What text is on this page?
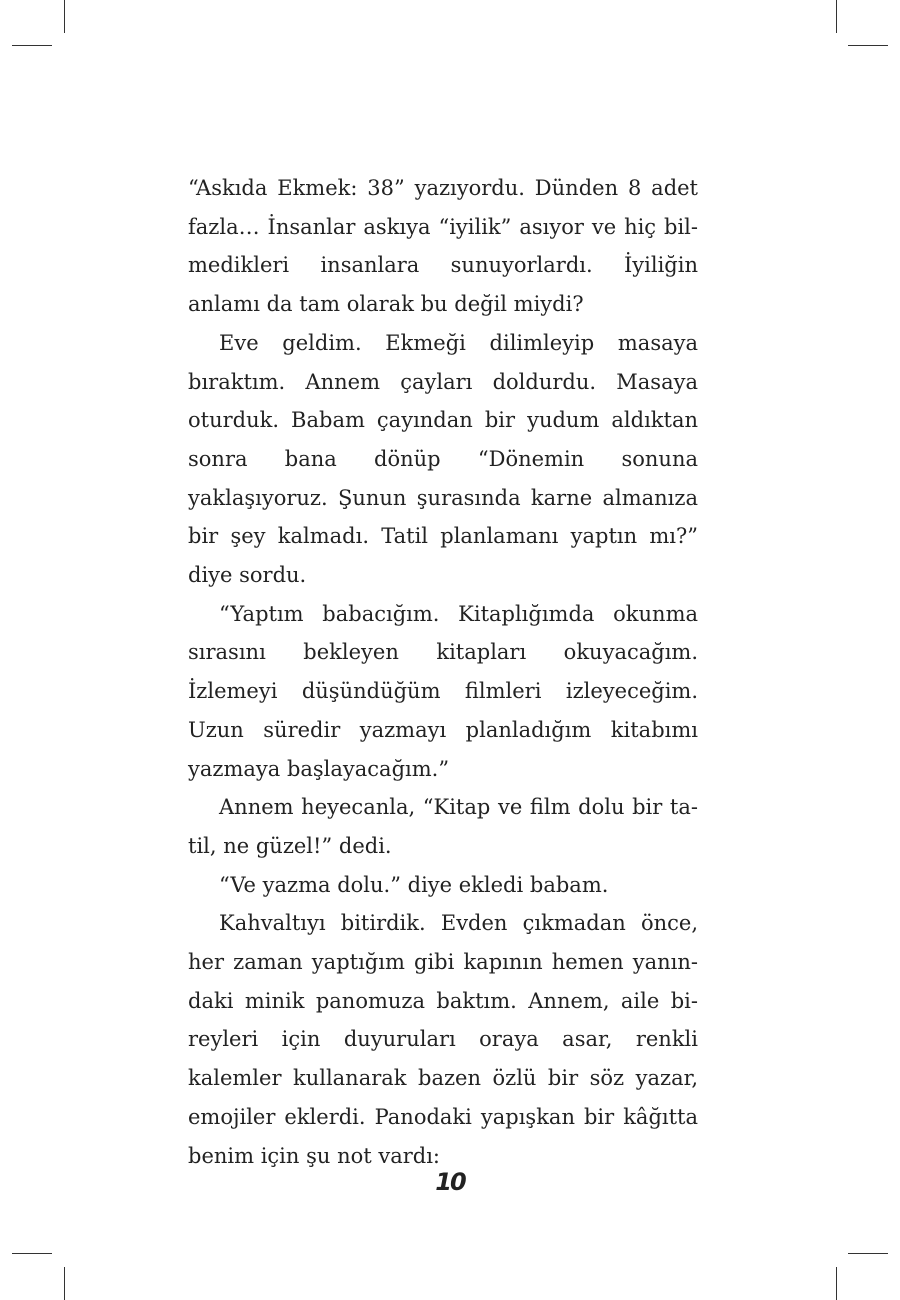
“Askıda Ekmek: 38” yazıyordu. Dünden 8 adet fazla… İnsanlar askıya “iyilik” asıyor ve hiç bilmedikleri insanlara sunuyorlardı. İyiliğin anlamı da tam olarak bu değil miydi?

Eve geldim. Ekmeği dilimleyip masaya bıraktım. Annem çayları doldurdu. Masaya oturduk. Babam çayından bir yudum aldıktan sonra bana dönüp “Dönemin sonuna yaklaşıyoruz. Şunun şurasında karne almanıza bir şey kalmadı. Tatil planlamanı yaptın mı?” diye sordu.

“Yaptım babacığım. Kitaplığımda okunma sırasını bekleyen kitapları okuyacağım. İzlemeyi düşündüğüm filmleri izleyeceğim. Uzun süredir yazmayı planladığım kitabımı yazmaya başlayacağım.”

Annem heyecanla, “Kitap ve film dolu bir tatil, ne güzel!” dedi.

“Ve yazma dolu.” diye ekledi babam.

Kahvaltıyı bitirdik. Evden çıkmadan önce, her zaman yaptığım gibi kapının hemen yanındaki minik panomuza baktım. Annem, aile bireyleri için duyuruları oraya asar, renkli kalemler kullanarak bazen özlü bir söz yazar, emojiler eklerdi. Panodaki yapışkan bir kâğıtta benim için şu not vardı:

10
